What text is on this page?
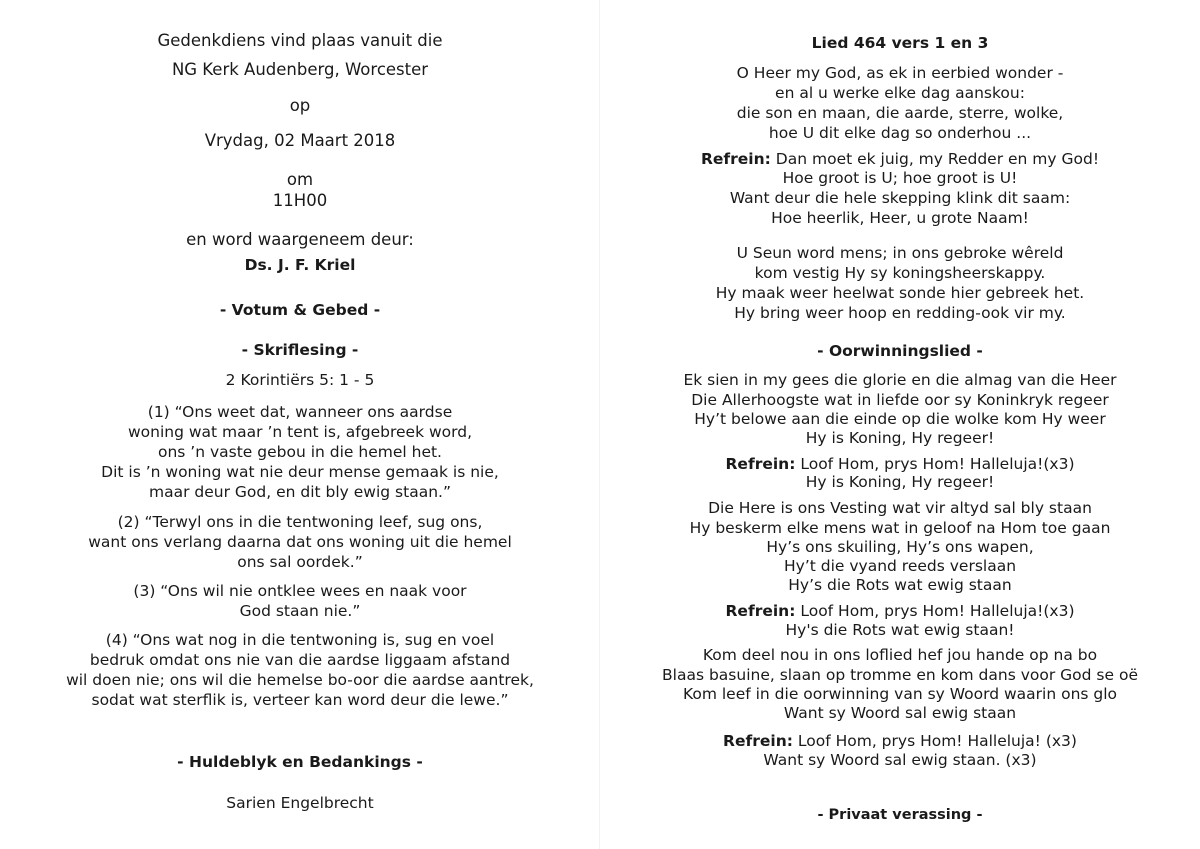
Gedenkdiens vind plaas vanuit die
NG Kerk Audenberg, Worcester
op
Vrydag, 02 Maart 2018
om
11H00
en word waargeneem deur:
Ds. J. F. Kriel
- Votum & Gebed -
- Skriflesing -
2 Korintiërs 5: 1 - 5
(1) “Ons weet dat, wanneer ons aardse
woning wat maar ’n tent is, afgebreek word,
ons ’n vaste gebou in die hemel het.
Dit is ’n woning wat nie deur mense gemaak is nie,
maar deur God, en dit bly ewig staan.”
(2) “Terwyl ons in die tentwoning leef, sug ons,
want ons verlang daarna dat ons woning uit die hemel
ons sal oordek.”
(3) “Ons wil nie ontklee wees en naak voor
God staan nie.”
(4) “Ons wat nog in die tentwoning is, sug en voel
bedruk omdat ons nie van die aardse liggaam afstand
wil doen nie; ons wil die hemelse bo-oor die aardse aantrek,
sodat wat sterflik is, verteer kan word deur die lewe.”
- Huldeblyk en Bedankings -
Sarien Engelbrecht
Lied 464 vers 1 en 3
O Heer my God, as ek in eerbied wonder -
en al u werke elke dag aanskou:
die son en maan, die aarde, sterre, wolke,
hoe U dit elke dag so onderhou ...
Refrein: Dan moet ek juig, my Redder en my God!
Hoe groot is U; hoe groot is U!
Want deur die hele skepping klink dit saam:
Hoe heerlik, Heer, u grote Naam!
U Seun word mens; in ons gebroke wêreld
kom vestig Hy sy koningsheerskappy.
Hy maak weer heelwat sonde hier gebreek het.
Hy bring weer hoop en redding-ook vir my.
- Oorwinningslied -
Ek sien in my gees die glorie en die almag van die Heer
Die Allerhoogste wat in liefde oor sy Koninkryk regeer
Hy’t belowe aan die einde op die wolke kom Hy weer
Hy is Koning, Hy regeer!
Refrein: Loof Hom, prys Hom! Halleluja!(x3)
Hy is Koning, Hy regeer!
Die Here is ons Vesting wat vir altyd sal bly staan
Hy beskerm elke mens wat in geloof na Hom toe gaan
Hy’s ons skuiling, Hy’s ons wapen,
Hy’t die vyand reeds verslaan
Hy’s die Rots wat ewig staan
Refrein: Loof Hom, prys Hom! Halleluja!(x3)
Hy's die Rots wat ewig staan!
Kom deel nou in ons loflied hef jou hande op na bo
Blaas basuine, slaan op tromme en kom dans voor God se oë
Kom leef in die oorwinning van sy Woord waarin ons glo
Want sy Woord sal ewig staan
Refrein: Loof Hom, prys Hom! Halleluja! (x3)
Want sy Woord sal ewig staan. (x3)
- Privaat verassing -
